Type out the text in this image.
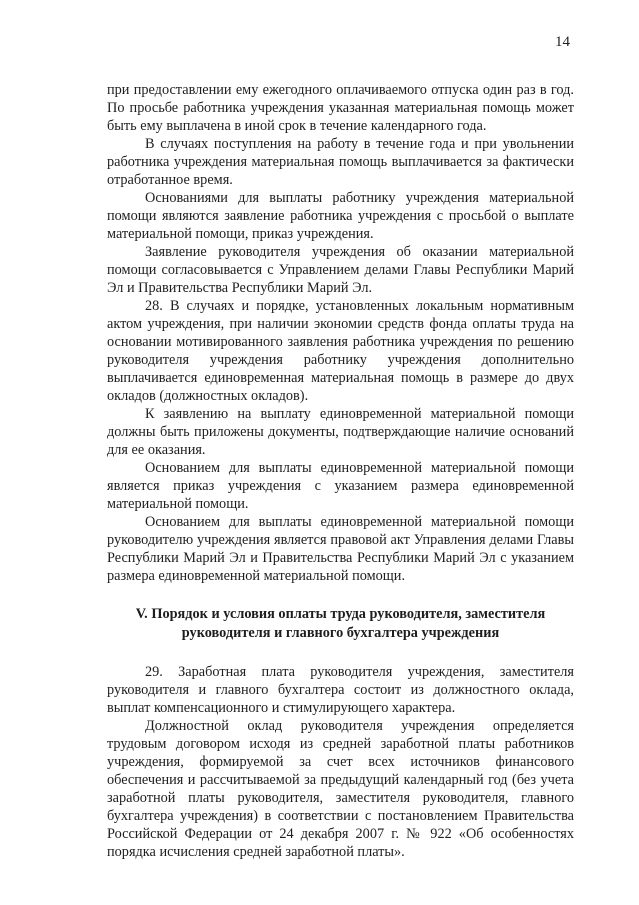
14

при предоставлении ему ежегодного оплачиваемого отпуска один раз в год. По просьбе работника учреждения указанная материальная помощь может быть ему выплачена в иной срок в течение календарного года.

В случаях поступления на работу в течение года и при увольнении работника учреждения материальная помощь выплачивается за фактически отработанное время.

Основаниями для выплаты работнику учреждения материальной помощи являются заявление работника учреждения с просьбой о выплате материальной помощи, приказ учреждения.

Заявление руководителя учреждения об оказании материальной помощи согласовывается с Управлением делами Главы Республики Марий Эл и Правительства Республики Марий Эл.

28. В случаях и порядке, установленных локальным нормативным актом учреждения, при наличии экономии средств фонда оплаты труда на основании мотивированного заявления работника учреждения по решению руководителя учреждения работнику учреждения дополнительно выплачивается единовременная материальная помощь в размере до двух окладов (должностных окладов).

К заявлению на выплату единовременной материальной помощи должны быть приложены документы, подтверждающие наличие оснований для ее оказания.

Основанием для выплаты единовременной материальной помощи является приказ учреждения с указанием размера единовременной материальной помощи.

Основанием для выплаты единовременной материальной помощи руководителю учреждения является правовой акт Управления делами Главы Республики Марий Эл и Правительства Республики Марий Эл с указанием размера единовременной материальной помощи.

V. Порядок и условия оплаты труда руководителя, заместителя
руководителя и главного бухгалтера учреждения

29. Заработная плата руководителя учреждения, заместителя руководителя и главного бухгалтера состоит из должностного оклада, выплат компенсационного и стимулирующего характера.

Должностной оклад руководителя учреждения определяется трудовым договором исходя из средней заработной платы работников учреждения, формируемой за счет всех источников финансового обеспечения и рассчитываемой за предыдущий календарный год (без учета заработной платы руководителя, заместителя руководителя, главного бухгалтера учреждения) в соответствии с постановлением Правительства Российской Федерации от 24 декабря 2007 г. № 922 «Об особенностях порядка исчисления средней заработной платы».
